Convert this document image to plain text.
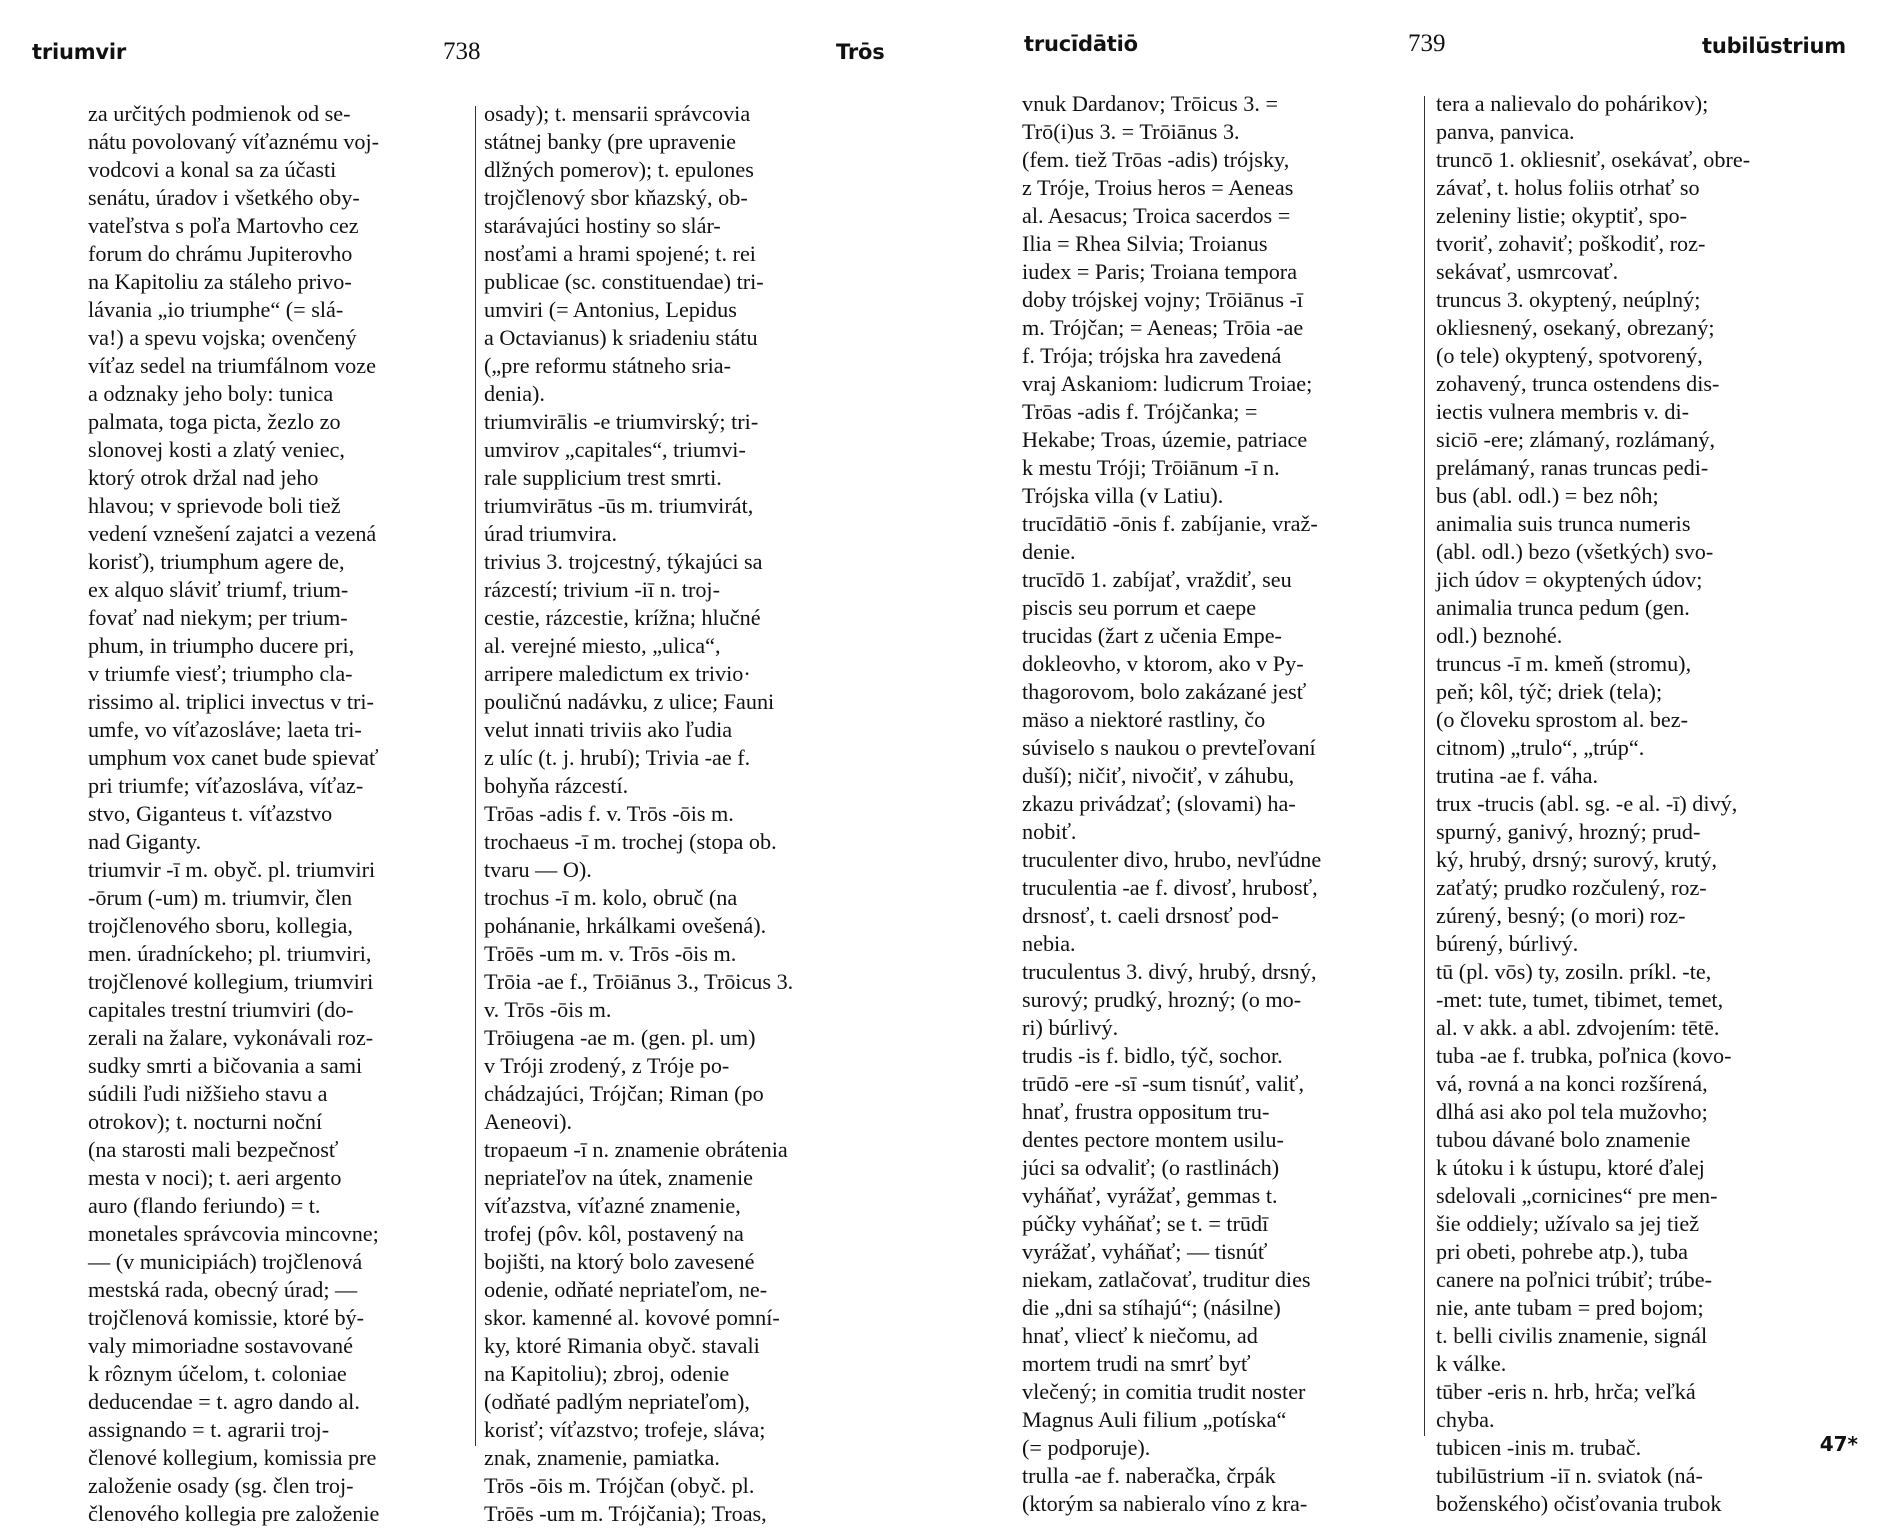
triumvir	738	Trōs
za určitých podmienok od se-
nátu povolovaný víťaznému voj-
vodcovi a konal sa za účasti
senátu, úradov i všetkého oby-
vateľstva s poľa Martovho cez
forum do chrámu Jupiterovho
na Kapitoliu za stáleho privo-
lávania „io triumphe“ (= slá-
va!) a spevu vojska; ovenčený
víťaz sedel na triumfálnom voze
a odznaky jeho boly: tunica
palmata, toga picta, žezlo zo
slonovej kosti a zlatý veniec,
ktorý otrok držal nad jeho
hlavou; v sprievode boli tiež
vedení vznešení zajatci a vezená
korisť), triumphum agere de,
ex alquo sláviť triumf, trium-
fovať nad niekym; per trium-
phum, in triumpho ducere pri,
v triumfe viesť; triumpho cla-
rissimo al. triplici invectus v tri-
umfe, vo víťazosláve; laeta tri-
umphum vox canet bude spievať
pri triumfe; víťazosláva, víťaz-
stvo, Giganteus t. víťazstvo
nad Giganty.
triumvir -ī m. obyč. pl. triumviri
-ōrum (-um) m. triumvir, člen
trojčlenového sboru, kollegia,
men. úradníckeho; pl. triumviri,
trojčlenové kollegium, triumviri
capitales trestní triumviri (do-
zerali na žalare, vykonávali roz-
sudky smrti a bičovania a sami
súdili ľudi nižšieho stavu a
otrokov); t. nocturni noční
(na starosti mali bezpečnosť
mesta v noci); t. aeri argento
auro (flando feriundo) = t.
monetales správcovia mincovne;
— (v municipiách) trojčlenová
mestská rada, obecný úrad; —
trojčlenová komissie, ktoré bý-
valy mimoriadne sostavované
k rôznym účelom, t. coloniae
deducendae = t. agro dando al.
assignando = t. agrarii troj-
členové kollegium, komissia pre
založenie osady (sg. člen troj-
členového kollegia pre založenie
osady); t. mensarii správcovia
státnej banky (pre upravenie
dlžných pomerov); t. epulones
trojčlenový sbor kňazský, ob-
starávajúci hostiny so slár-
nosťami a hrami spojené; t. rei
publicae (sc. constituendae) tri-
umviri (= Antonius, Lepidus
a Octavianus) k sriadeniu státu
(„pre reformu státneho sria-
denia).
triumvirālis -e triumvirský; tri-
umvirov „capitales“, triumvi-
rale supplicium trest smrti.
triumvirātus -ūs m. triumvirát,
úrad triumvira.
trivius 3. trojcestný, týkajúci sa
rázcestí; trivium -iī n. troj-
cestie, rázcestie, krížna; hlučné
al. verejné miesto, „ulica“,
arripere maledictum ex trivio·
pouličnú nadávku, z ulice; Fauni
velut innati triviis ako ľudia
z ulíc (t. j. hrubí); Trivia -ae f.
bohyňa rázcestí.
Trōas -adis f. v. Trōs -ōis m.
trochaeus -ī m. trochej (stopa ob.
tvaru — O).
trochus -ī m. kolo, obruč (na
pohánanie, hrkálkami ovešená).
Trōēs -um m. v. Trōs -ōis m.
Trōia -ae f., Trōiānus 3., Trōicus 3.
v. Trōs -ōis m.
Trōiugena -ae m. (gen. pl. um)
v Tróji zrodený, z Tróje po-
chádzajúci, Trójčan; Riman (po
Aeneovi).
tropaeum -ī n. znamenie obrátenia
nepriateľov na útek, znamenie
víťazstva, víťazné znamenie,
trofej (pôv. kôl, postavený na
bojišti, na ktorý bolo zavesené
odenie, odňaté nepriateľom, ne-
skor. kamenné al. kovové pomní-
ky, ktoré Rimania obyč. stavali
na Kapitoliu); zbroj, odenie
(odňaté padlým nepriateľom),
korisť; víťazstvo; trofeje, sláva;
znak, znamenie, pamiatka.
Trōs -ōis m. Trójčan (obyč. pl.
Trōēs -um m. Trójčania); Troas,
trucīdātiō	739	tubilūstrium
vnuk Dardanov; Trōicus 3. =
Trō(i)us 3. = Trōiānus 3.
(fem. tiež Trōas -adis) trójsky,
z Tróje, Troius heros = Aeneas
al. Aesacus; Troica sacerdos =
Ilia = Rhea Silvia; Troianus
iudex = Paris; Troiana tempora
doby trójskej vojny; Trōiānus -ī
m. Trójčan; = Aeneas; Trōia -ae
f. Trója; trójska hra zavedená
vraj Askaniom: ludicrum Troiae;
Trōas -adis f. Trójčanka; =
Hekabe; Troas, územie, patriace
k mestu Tróji; Trōiānum -ī n.
Trójska villa (v Latiu).
trucīdātiō -ōnis f. zabíjanie, vraž-
denie.
trucīdō 1. zabíjať, vraždiť, seu
piscis seu porrum et caepe
trucidas (žart z učenia Empe-
dokleovho, v ktorom, ako v Py-
thagorovom, bolo zakázané jesť
mäso a niektoré rastliny, čo
súviselo s naukou o prevteľovaní
duší); ničiť, nivočiť, v záhubu,
zkazu privádzať; (slovami) ha-
nobiť.
truculenter divo, hrubo, nevľúdne
truculentia -ae f. divosť, hrubosť,
drsnosť, t. caeli drsnosť pod-
nebia.
truculentus 3. divý, hrubý, drsný,
surový; prudký, hrozný; (o mo-
ri) búrlivý.
trudis -is f. bidlo, týč, sochor.
trūdō -ere -sī -sum tisnúť, valiť,
hnať, frustra oppositum tru-
dentes pectore montem usilu-
júci sa odvaliť; (o rastlinách)
vyháňať, vyrážať, gemmas t.
púčky vyháňať; se t. = trūdī
vyrážať, vyháňať; — tisnúť
niekam, zatlačovať, truditur dies
die „dni sa stíhajú“; (násilne)
hnať, vliecť k niečomu, ad
mortem trudi na smrť byť
vlečený; in comitia trudit noster
Magnus Auli filium „potíska“
(= podporuje).
trulla -ae f. naberačka, črpák
(ktorým sa nabieralo víno z kra-
tera a nalievalo do pohárikov);
panva, panvica.
truncō 1. okliesniť, osekávať, obre-
závať, t. holus foliis otrhať so
zeleniny listie; okyptiť, spo-
tvoriť, zohaviť; poškodiť, roz-
sekávať, usmrcovať.
truncus 3. okyptený, neúplný;
okliesnený, osekaný, obrezaný;
(o tele) okyptený, spotvorený,
zohavený, trunca ostendens dis-
iectis vulnera membris v. di-
siciō -ere; zlámaný, rozlámaný,
prelámaný, ranas truncas pedi-
bus (abl. odl.) = bez nôh;
animalia suis trunca numeris
(abl. odl.) bezo (všetkých) svo-
jich údov = okyptených údov;
animalia trunca pedum (gen.
odl.) beznohé.
truncus -ī m. kmeň (stromu),
peň; kôl, týč; driek (tela);
(o človeku sprostom al. bez-
citnom) „trulo“, „trúp“.
trutina -ae f. váha.
trux -trucis (abl. sg. -e al. -ī) divý,
spurný, ganivý, hrozný; prud-
ký, hrubý, drsný; surový, krutý,
zaťatý; prudko rozčulený, roz-
zúrený, besný; (o mori) roz-
búrený, búrlivý.
tū (pl. vōs) ty, zosiln. príkl. -te,
-met: tute, tumet, tibimet, temet,
al. v akk. a abl. zdvojením: tētē.
tuba -ae f. trubka, poľnica (kovo-
vá, rovná a na konci rozšírená,
dlhá asi ako pol tela mužovho;
tubou dávané bolo znamenie
k útoku i k ústupu, ktoré ďalej
sdelovali „cornicines“ pre men-
šie oddiely; užívalo sa jej tiež
pri obeti, pohrebe atp.), tuba
canere na poľnici trúbiť; trúbe-
nie, ante tubam = pred bojom;
t. belli civilis znamenie, signál
k válke.
tūber -eris n. hrb, hrča; veľká
chyba.
tubicen -inis m. trubač.
tubilūstrium -iī n. sviatok (ná-
boženského) očisťovania trubok
47*
